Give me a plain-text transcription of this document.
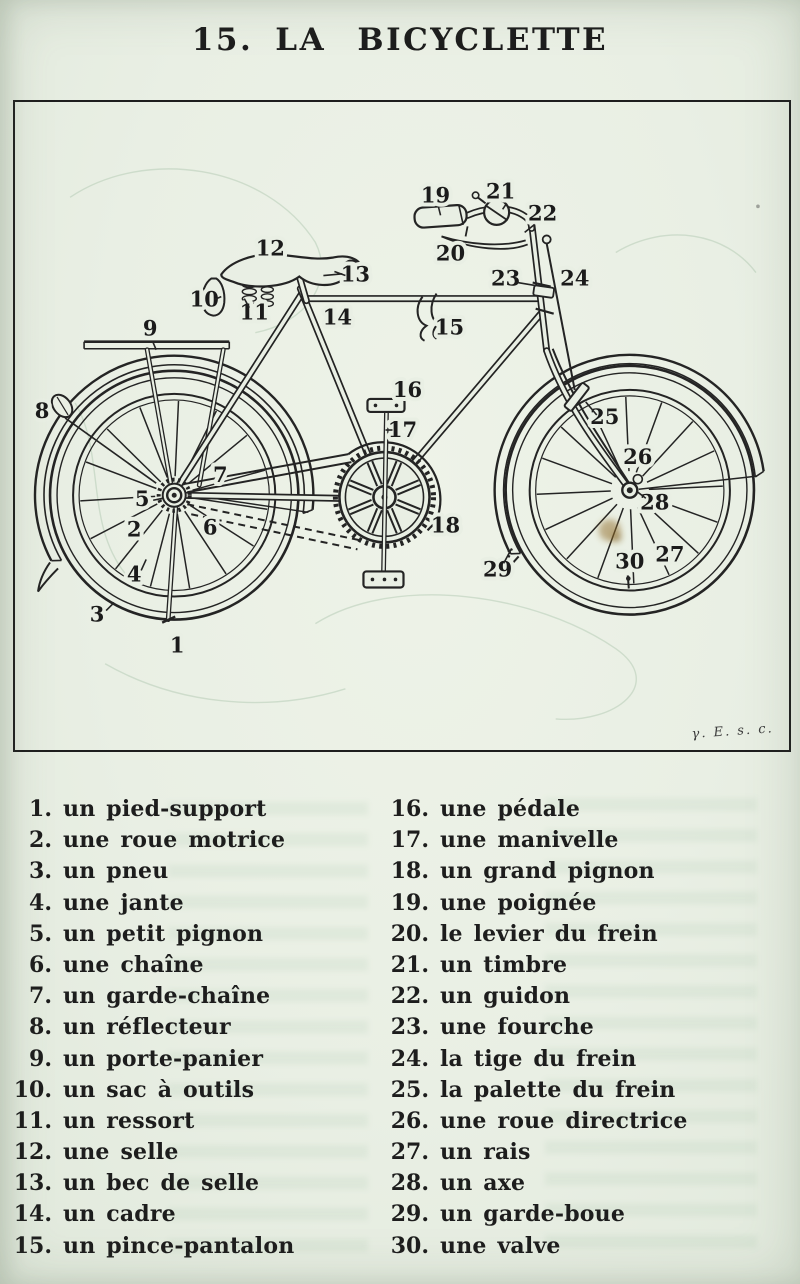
15. LA BICYCLETTE
1
2
3
4
5
6
7
8
9
10
11
12
13
14	15
16
17
18
19
20
21
22
23 24
25
26
27
28
29	30
γ. E. s. c.
1. un pied-support
2. une roue motrice
3. un pneu
4. une jante
5. un petit pignon
6. une chaîne
7. un garde-chaîne
8. un réflecteur
9. un porte-panier
10. un sac à outils
11. un ressort
12. une selle
13. un bec de selle
14. un cadre
15. un pince-pantalon
16. une pédale
17. une manivelle
18. un grand pignon
19. une poignée
20. le levier du frein
21. un timbre
22. un guidon
23. une fourche
24. la tige du frein
25. la palette du frein
26. une roue directrice
27. un rais
28. un axe
29. un garde-boue
30. une valve
